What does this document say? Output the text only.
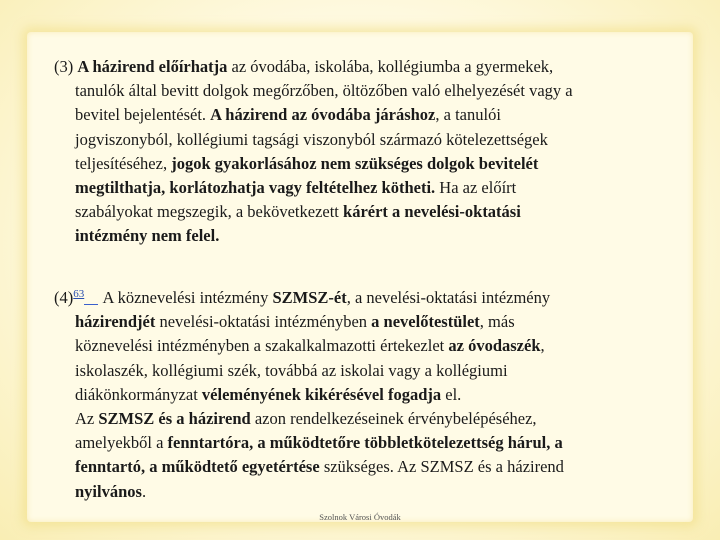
(3) A házirend előírhatja az óvodába, iskolába, kollégiumba a gyermekek,
tanulók által bevitt dolgok megőrzőben, öltözőben való elhelyezését vagy a
bevitel bejelentését. A házirend az óvodába járáshoz, a tanulói
jogviszonyból, kollégiumi tagsági viszonyból származó kötelezettségek
teljesítéséhez, jogok gyakorlásához nem szükséges dolgok bevitelét
megtilthatja, korlátozhatja vagy feltételhez kötheti. Ha az előírt
szabályokat megszegik, a bekövetkezett kárért a nevelési-oktatási
intézmény nem felel.
$(4)^{63}$ A köznevelési intézmény SZMSZ-ét, a nevelési-oktatási intézmény
házirendjét nevelési-oktatási intézményben a nevelőtestület, más
köznevelési intézményben a szakalkalmazotti értekezlet az óvodaszék,
iskolaszék, kollégiumi szék, továbbá az iskolai vagy a kollégiumi
diákönkormányzat véleményének kikérésével fogadja el.
Az SZMSZ és a házirend azon rendelkezéseinek érvénybelépéséhez,
amelyekből a fenntartóra, a működtetőre többletkötelezettség hárul, a
fenntartó, a működtető egyetértése szükséges. Az SZMSZ és a házirend
nyilvános.
Szolnok Városi Óvodák
